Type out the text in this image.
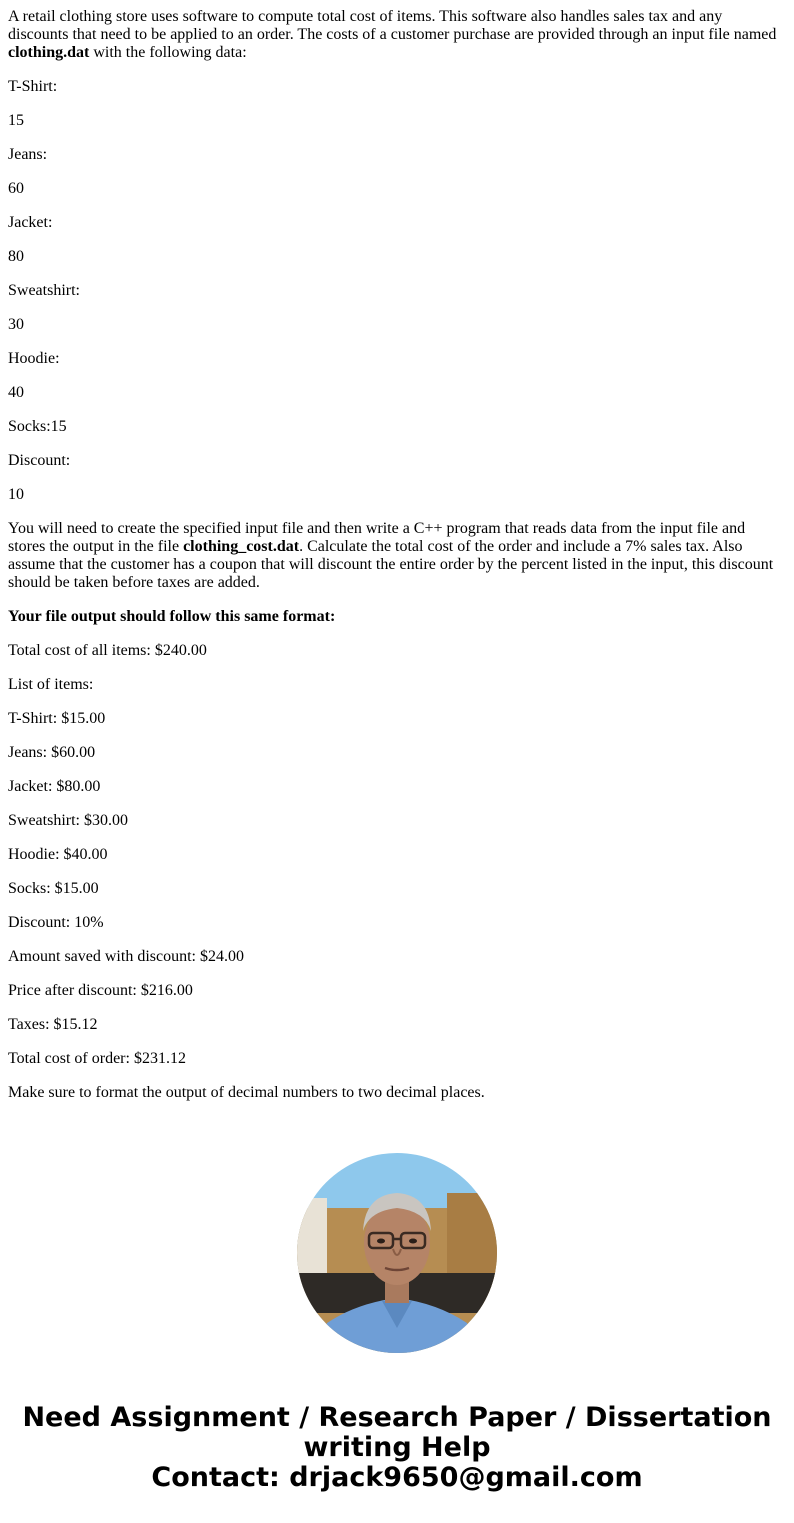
A retail clothing store uses software to compute total cost of items. This software also handles sales tax and any discounts that need to be applied to an order. The costs of a customer purchase are provided through an input file named clothing.dat with the following data:

T-Shirt:

15

Jeans:

60

Jacket:

80

Sweatshirt:

30

Hoodie:

40

Socks:15

Discount:

10

You will need to create the specified input file and then write a C++ program that reads data from the input file and stores the output in the file clothing_cost.dat. Calculate the total cost of the order and include a 7% sales tax. Also assume that the customer has a coupon that will discount the entire order by the percent listed in the input, this discount should be taken before taxes are added.

Your file output should follow this same format:

Total cost of all items: $240.00

List of items:

T-Shirt: $15.00

Jeans: $60.00

Jacket: $80.00

Sweatshirt: $30.00

Hoodie: $40.00

Socks: $15.00

Discount: 10%

Amount saved with discount: $24.00

Price after discount: $216.00

Taxes: $15.12

Total cost of order: $231.12

Make sure to format the output of decimal numbers to two decimal places.

Need Assignment / Research Paper / Dissertation
writing Help
Contact: drjack9650@gmail.com
